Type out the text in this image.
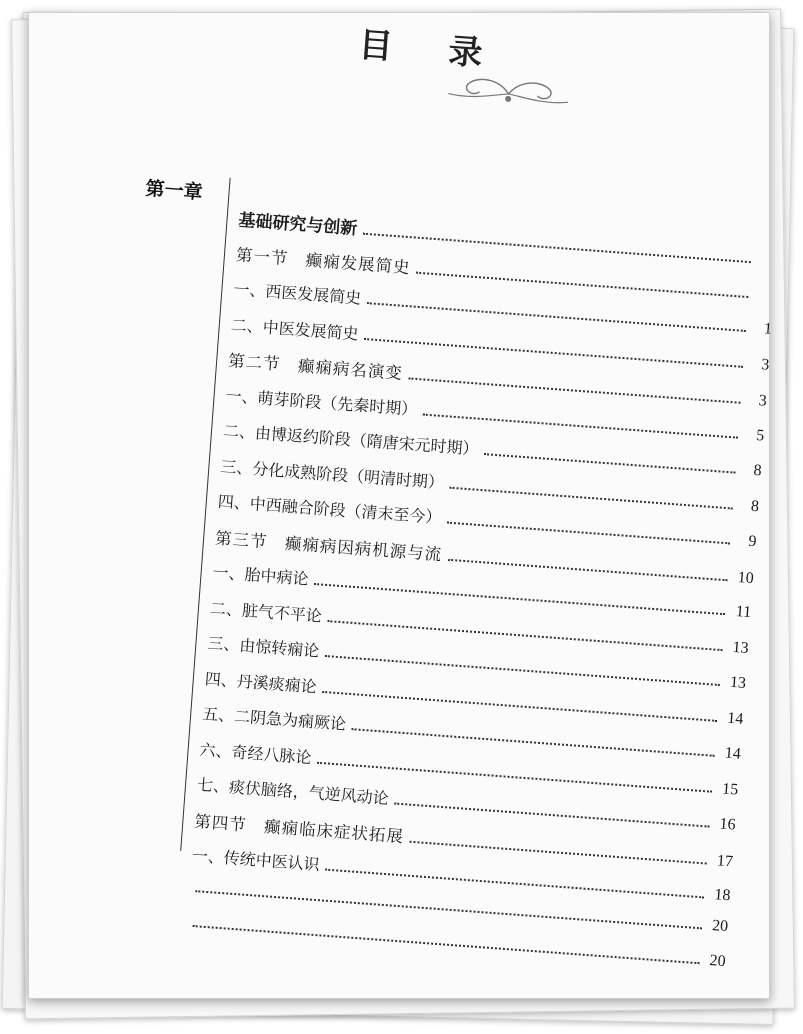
目 录
第一章
基础研究与创新
第一节　癫痫发展简史
一、西医发展简史
1
二、中医发展简史
3
第二节　癫痫病名演变
3
一、萌芽阶段（先秦时期）
5
二、由博返约阶段（隋唐宋元时期）
8
三、分化成熟阶段（明清时期）
8
四、中西融合阶段（清末至今）
9
第三节　癫痫病因病机源与流
10
一、胎中病论
11
二、脏气不平论
13
三、由惊转痫论
13
四、丹溪痰痫论
14
五、二阴急为痫厥论
14
六、奇经八脉论
15
七、痰伏脑络，气逆风动论
16
第四节　癫痫临床症状拓展
17
一、传统中医认识
18
20
20
